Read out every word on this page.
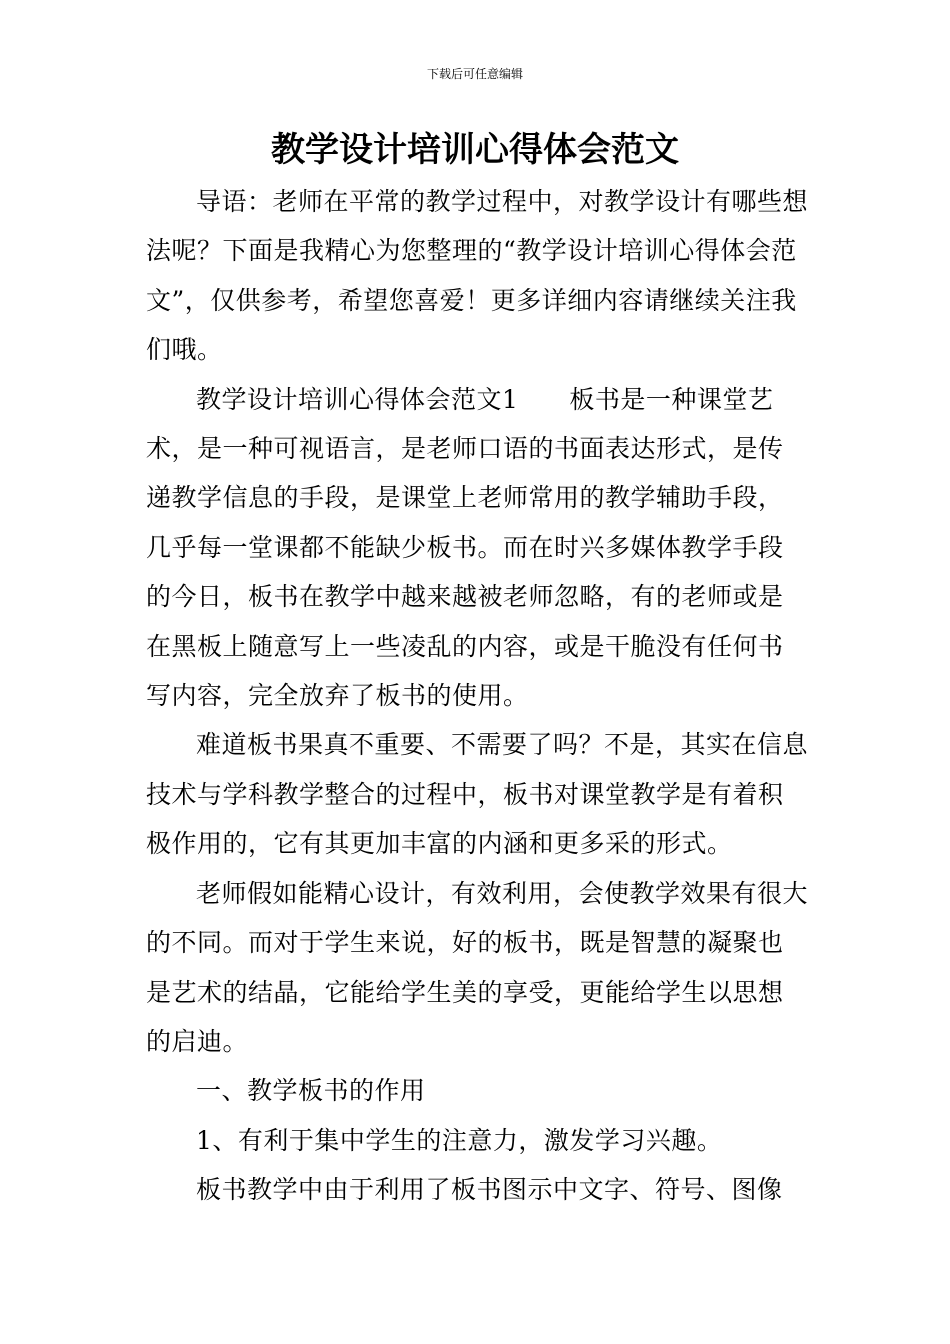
下载后可任意编辑
教学设计培训心得体会范文

导语：老师在平常的教学过程中，对教学设计有哪些想法呢？下面是我精心为您整理的“教学设计培训心得体会范文”，仅供参考，希望您喜爱！更多详细内容请继续关注我们哦。

教学设计培训心得体会范文1　　板书是一种课堂艺术，是一种可视语言，是老师口语的书面表达形式，是传递教学信息的手段，是课堂上老师常用的教学辅助手段，几乎每一堂课都不能缺少板书。而在时兴多媒体教学手段的今日，板书在教学中越来越被老师忽略，有的老师或是在黑板上随意写上一些凌乱的内容，或是干脆没有任何书写内容，完全放弃了板书的使用。

难道板书果真不重要、不需要了吗？不是，其实在信息技术与学科教学整合的过程中，板书对课堂教学是有着积极作用的，它有其更加丰富的内涵和更多采的形式。

老师假如能精心设计，有效利用，会使教学效果有很大的不同。而对于学生来说，好的板书，既是智慧的凝聚也是艺术的结晶，它能给学生美的享受，更能给学生以思想的启迪。

一、教学板书的作用

1、有利于集中学生的注意力，激发学习兴趣。

板书教学中由于利用了板书图示中文字、符号、图像
